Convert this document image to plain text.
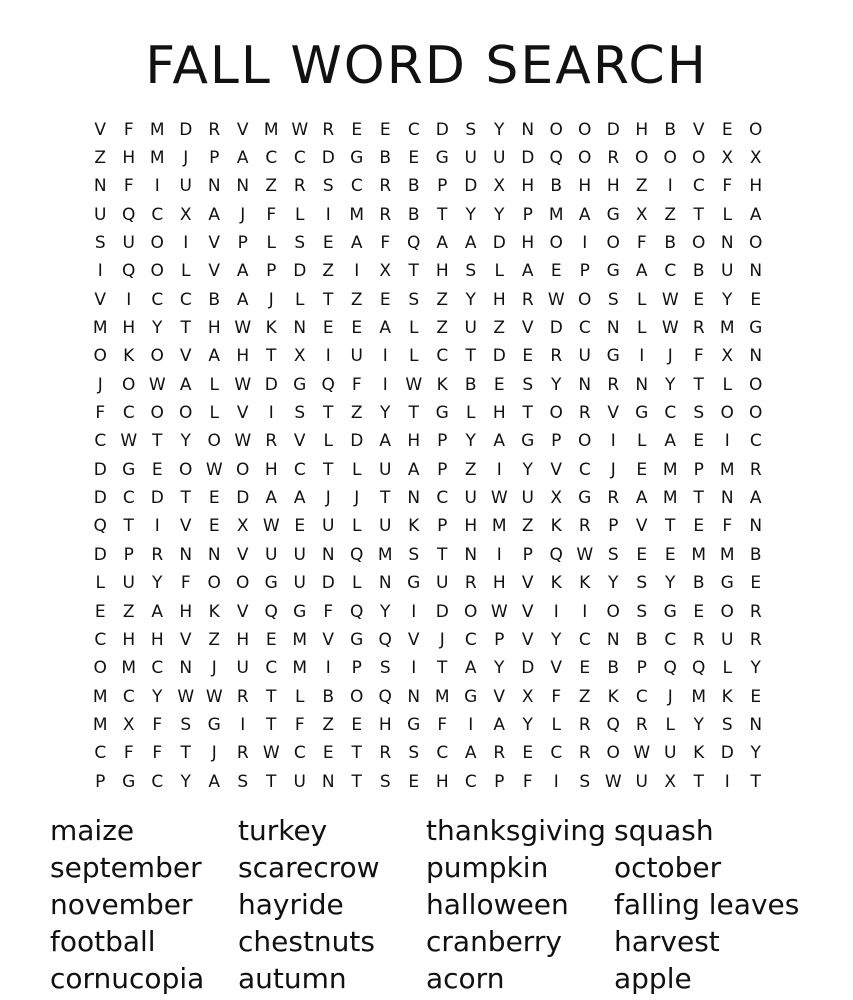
FALL WORD SEARCH
V	F M D R V M W R	E	E	C D S	Y N O O D H B V	E O
Z H M	J	P	A C C D G B	E G U U D Q O R O O O X X
N	F	I	U N N Z R	S	C R B	P D X H B H H Z	I	C	F	H
U Q C X A	J	F	L	I	M R B	T	Y	Y	P M A G X Z	T	L	A
S U O	I	V	P	L	S	E	A	F Q A A D H O	I	O F	B O N O
I	Q O	L	V A	P D Z	I	X	T H S	L	A	E	P G A C B U N
V	I	C C B A	J	L	T	Z	E	S	Z	Y H R W O S	L W E	Y	E
M H Y	T H W K N E	E	A	L	Z U Z V D C N	L W R M G
O K O V A H T	X	I	U	I	L	C	T D E	R U G	I	J	F	X N
J	O W A	L W D G Q F	I	W K	B	E	S	Y N R N Y	T	L	O
F	C O O	L	V	I	S	T	Z	Y	T G	L	H T O R V G C	S O O
C W T	Y O W R V	L	D A H P	Y	A G P O	I	L	A	E	I	C
D G E O W O H C	T	L	U A	P	Z	I	Y	V C	J	E M P M R
D C D T	E D A A	J	J	T N C U W U X G R A M T N A
Q T	I	V	E	X W E U	L	U K	P H M Z	K	R	P	V	T	E	F	N
D P	R N N V U U N Q M S	T N	I	P Q W S	E	E M M B
L	U	Y	F O O G U D	L	N G U R H V	K	K	Y	S	Y	B G E
E	Z A H K	V Q G	F Q Y	I	D O W V	I	I	O S G E O R
C H H V Z H E M V G Q V	J	C	P	V	Y	C N B C R U R
O M C N	J	U C M	I	P	S	I	T	A	Y D V	E	B	P Q Q	L	Y
M C	Y W W R	T	L	B O Q N M G V X	F	Z	K C	J	M K	E
M X	F	S G	I	T	F	Z	E H G	F	I	A	Y	L	R Q R	L	Y	S N
C	F	F	T	J	R W C	E	T	R	S	C A R	E	C R O W U K D Y
P G C	Y	A	S	T	U N T	S	E H C	P	F	I	S W U X	T	I	T
maize	turkey	thanksgiving squash
september	scarecrow	pumpkin	october
november	hayride	halloween	falling leaves
football	chestnuts	cranberry	harvest
cornucopia	autumn	acorn	apple
